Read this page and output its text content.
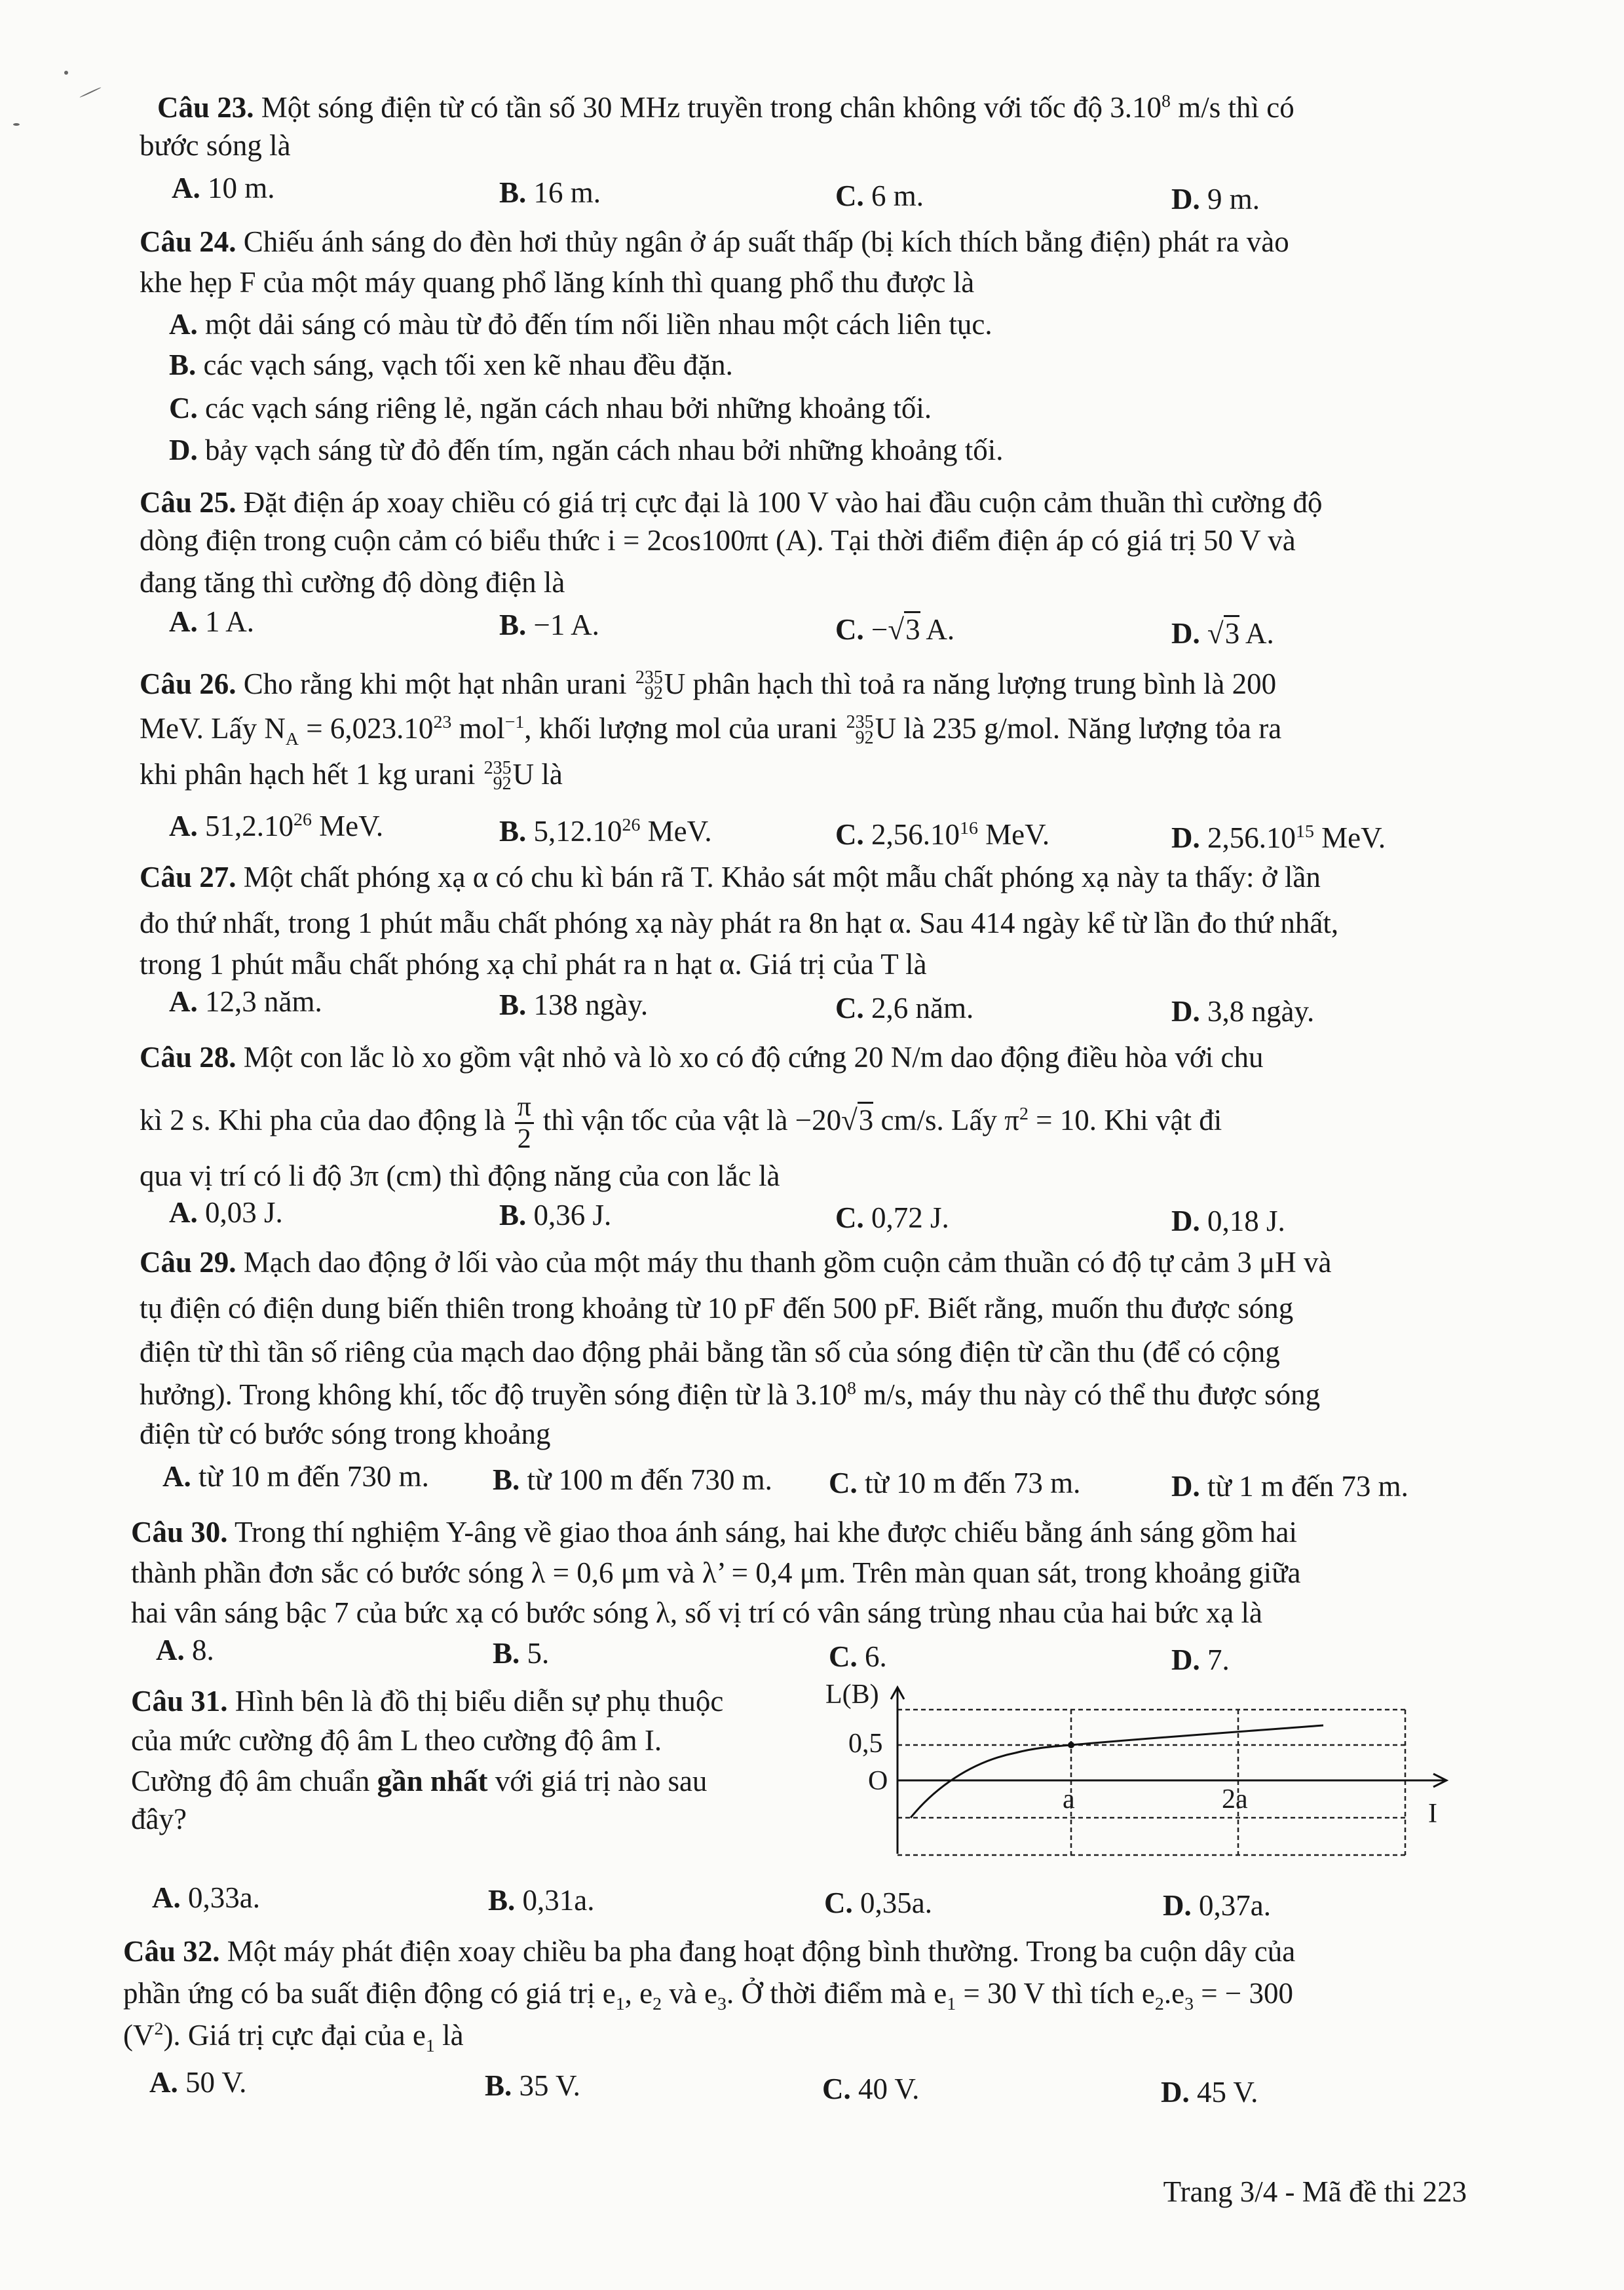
Câu 23. Một sóng điện từ có tần số 30 MHz truyền trong chân không với tốc độ 3.10$^8$ m/s thì có
bước sóng là
A. 10 m.	B. 16 m.	C. 6 m.	D. 9 m.
Câu 24. Chiếu ánh sáng do đèn hơi thủy ngân ở áp suất thấp (bị kích thích bằng điện) phát ra vào
khe hẹp F của một máy quang phổ lăng kính thì quang phổ thu được là
A. một dải sáng có màu từ đỏ đến tím nối liền nhau một cách liên tục.
B. các vạch sáng, vạch tối xen kẽ nhau đều đặn.
C. các vạch sáng riêng lẻ, ngăn cách nhau bởi những khoảng tối.
D. bảy vạch sáng từ đỏ đến tím, ngăn cách nhau bởi những khoảng tối.
Câu 25. Đặt điện áp xoay chiều có giá trị cực đại là 100 V vào hai đầu cuộn cảm thuần thì cường độ
dòng điện trong cuộn cảm có biểu thức i = 2cos100πt (A). Tại thời điểm điện áp có giá trị 50 V và
đang tăng thì cường độ dòng điện là
A. 1 A.	B. −1 A.	C. −√3 A.	D. √3 A.
Câu 26. Cho rằng khi một hạt nhân urani 235
92 U phân hạch thì toả ra năng lượng trung bình là 200
MeV. Lấy $N_A = 6,023.10^{23}$ mol$^{-1}$, khối lượng mol của urani 235
92 U là 235 g/mol. Năng lượng tỏa ra
khi phân hạch hết 1 kg urani 235
92 U là
A. 51,2.10$^{26}$ MeV.	B. 5,12.10$^{26}$ MeV.	C. 2,56.10$^{16}$ MeV.	D. 2,56.10$^{15}$ MeV.
Câu 27. Một chất phóng xạ α có chu kì bán rã T. Khảo sát một mẫu chất phóng xạ này ta thấy: ở lần
đo thứ nhất, trong 1 phút mẫu chất phóng xạ này phát ra 8n hạt α. Sau 414 ngày kể từ lần đo thứ nhất,
trong 1 phút mẫu chất phóng xạ chỉ phát ra n hạt α. Giá trị của T là
A. 12,3 năm.	B. 138 ngày.	C. 2,6 năm.	D. 3,8 ngày.
Câu 28. Một con lắc lò xo gồm vật nhỏ và lò xo có độ cứng 20 N/m dao động điều hòa với chu
kì 2 s. Khi pha của dao động là $\frac{\pi}{2}$ thì vận tốc của vật là −20√3 cm/s. Lấy $\pi^2 = 10$. Khi vật đi
qua vị trí có li độ 3π (cm) thì động năng của con lắc là
A. 0,03 J.	B. 0,36 J.	C. 0,72 J.	D. 0,18 J.
Câu 29. Mạch dao động ở lối vào của một máy thu thanh gồm cuộn cảm thuần có độ tự cảm 3 μH và
tụ điện có điện dung biến thiên trong khoảng từ 10 pF đến 500 pF. Biết rằng, muốn thu được sóng
điện từ thì tần số riêng của mạch dao động phải bằng tần số của sóng điện từ cần thu (để có cộng
hưởng). Trong không khí, tốc độ truyền sóng điện từ là 3.10$^8$ m/s, máy thu này có thể thu được sóng
điện từ có bước sóng trong khoảng
A. từ 10 m đến 730 m. B. từ 100 m đến 730 m. C. từ 10 m đến 73 m.	D. từ 1 m đến 73 m.
Câu 30. Trong thí nghiệm Y-âng về giao thoa ánh sáng, hai khe được chiếu bằng ánh sáng gồm hai
thành phần đơn sắc có bước sóng λ = 0,6 μm và λ’ = 0,4 μm. Trên màn quan sát, trong khoảng giữa
hai vân sáng bậc 7 của bức xạ có bước sóng λ, số vị trí có vân sáng trùng nhau của hai bức xạ là
A. 8.	B. 5.	C. 6.	D. 7.
Câu 31. Hình bên là đồ thị biểu diễn sự phụ thuộc
của mức cường độ âm L theo cường độ âm I.
Cường độ âm chuẩn gần nhất với giá trị nào sau
đây?
L(B)
0,5
O
a	2a	I
A. 0,33a.	B. 0,31a.	C. 0,35a.	D. 0,37a.
Câu 32. Một máy phát điện xoay chiều ba pha đang hoạt động bình thường. Trong ba cuộn dây của
phần ứng có ba suất điện động có giá trị $e_1$, $e_2$ và $e_3$. Ở thời điểm mà $e_1 = 30$ V thì tích $e_2.e_3$ = − 300
$(V^2)$. Giá trị cực đại của $e_1$ là
A. 50 V.	B. 35 V.	C. 40 V.	D. 45 V.
Trang 3/4 - Mã đề thi 223
